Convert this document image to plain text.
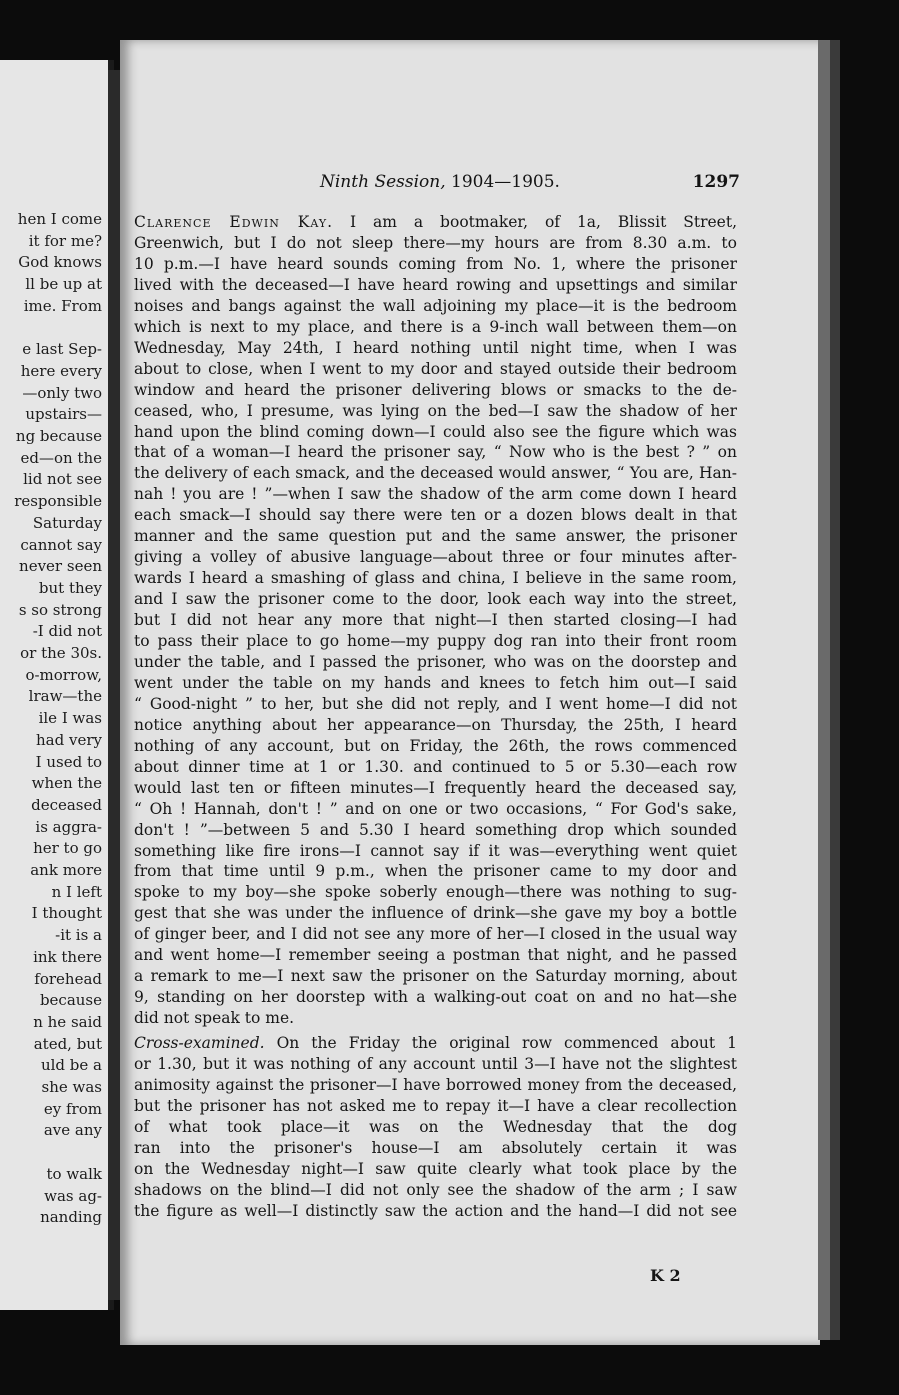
hen I come
it for me?
God knows
ll be up at
ime. From
e last Sep-
here every
—only two
upstairs—
ng because
ed—on the
lid not see
responsible
Saturday
cannot say
never seen
but they
s so strong
-I did not
or the 30s.
o-morrow,
lraw—the
ile I was
had very
I used to
when the
deceased
is aggra-
her to go
ank more
n I left
I thought
-it is a
ink there
forehead
because
n he said
ated, but
uld be a
she was
ey from
ave any
to walk
was ag-
nanding
Ninth Session, 1904—1905.	1297
Clarence Edwin Kay. I am a bootmaker, of 1a, Blissit Street,
Greenwich, but I do not sleep there—my hours are from 8.30 a.m. to
10 p.m.—I have heard sounds coming from No. 1, where the prisoner
lived with the deceased—I have heard rowing and upsettings and similar
noises and bangs against the wall adjoining my place—it is the bedroom
which is next to my place, and there is a 9-inch wall between them—on
Wednesday, May 24th, I heard nothing until night time, when I was
about to close, when I went to my door and stayed outside their bedroom
window and heard the prisoner delivering blows or smacks to the de-
ceased, who, I presume, was lying on the bed—I saw the shadow of her
hand upon the blind coming down—I could also see the figure which was
that of a woman—I heard the prisoner say, “ Now who is the best ? ” on
the delivery of each smack, and the deceased would answer, “ You are, Han-
nah ! you are ! ”—when I saw the shadow of the arm come down I heard
each smack—I should say there were ten or a dozen blows dealt in that
manner and the same question put and the same answer, the prisoner
giving a volley of abusive language—about three or four minutes after-
wards I heard a smashing of glass and china, I believe in the same room,
and I saw the prisoner come to the door, look each way into the street,
but I did not hear any more that night—I then started closing—I had
to pass their place to go home—my puppy dog ran into their front room
under the table, and I passed the prisoner, who was on the doorstep and
went under the table on my hands and knees to fetch him out—I said
“ Good-night ” to her, but she did not reply, and I went home—I did not
notice anything about her appearance—on Thursday, the 25th, I heard
nothing of any account, but on Friday, the 26th, the rows commenced
about dinner time at 1 or 1.30. and continued to 5 or 5.30—each row
would last ten or fifteen minutes—I frequently heard the deceased say,
“ Oh ! Hannah, don't ! ” and on one or two occasions, “ For God's sake,
don't ! ”—between 5 and 5.30 I heard something drop which sounded
something like fire irons—I cannot say if it was—everything went quiet
from that time until 9 p.m., when the prisoner came to my door and
spoke to my boy—she spoke soberly enough—there was nothing to sug-
gest that she was under the influence of drink—she gave my boy a bottle
of ginger beer, and I did not see any more of her—I closed in the usual way
and went home—I remember seeing a postman that night, and he passed
a remark to me—I next saw the prisoner on the Saturday morning, about
9, standing on her doorstep with a walking-out coat on and no hat—she
did not speak to me.
Cross-examined. On the Friday the original row commenced about 1
or 1.30, but it was nothing of any account until 3—I have not the slightest
animosity against the prisoner—I have borrowed money from the deceased,
but the prisoner has not asked me to repay it—I have a clear recollection
of what took place—it was on the Wednesday that the dog
ran into the prisoner's house—I am absolutely certain it was
on the Wednesday night—I saw quite clearly what took place by the
shadows on the blind—I did not only see the shadow of the arm ; I saw
the figure as well—I distinctly saw the action and the hand—I did not see
K 2
